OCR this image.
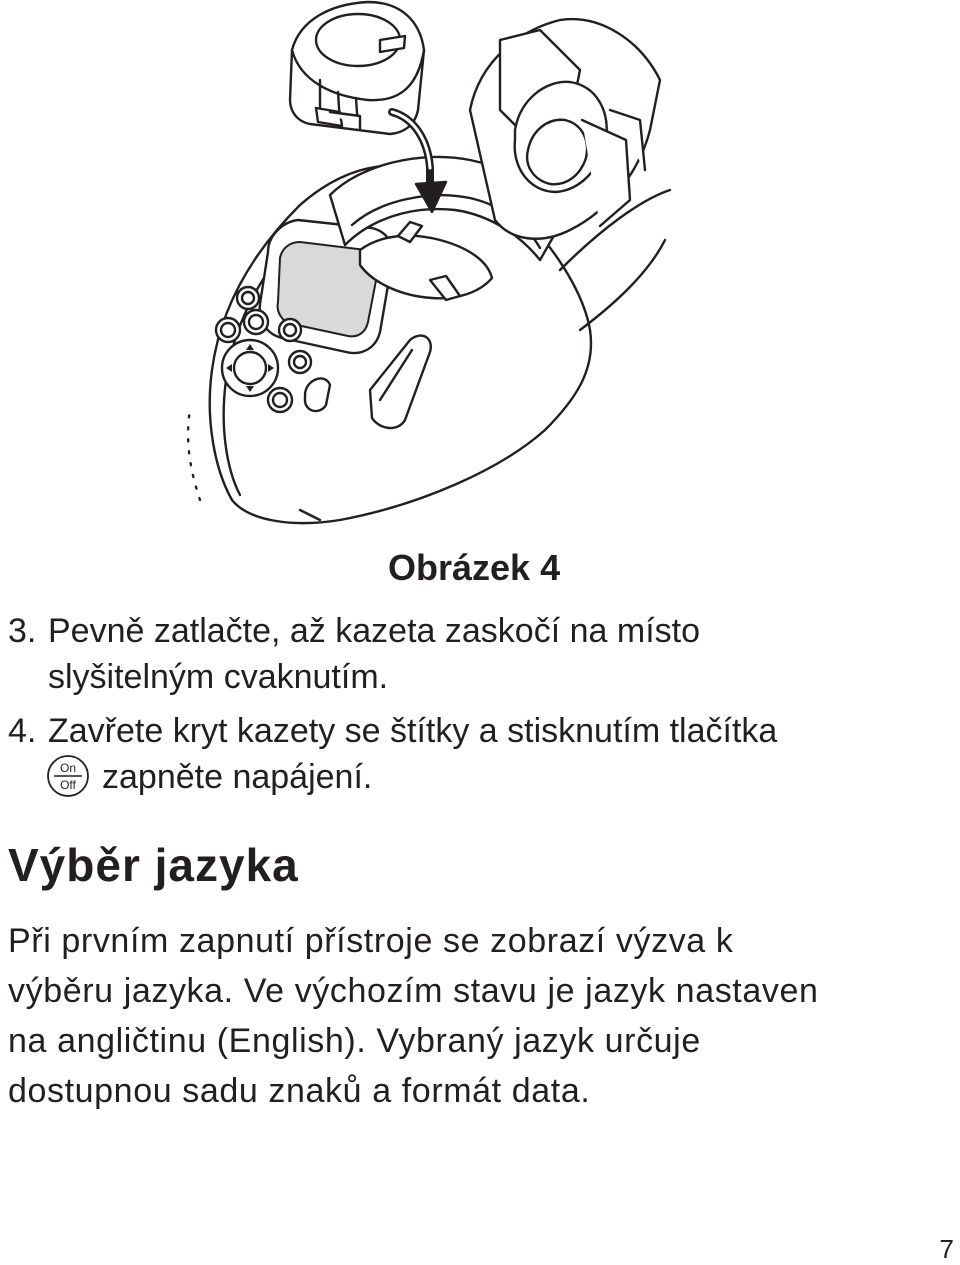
Obrázek 4
3. Pevně zatlačte, až kazeta zaskočí na místo
slyšitelným cvaknutím.
4. Zavřete kryt kazety se štítky a stisknutím tlačítka
On
Off zapněte napájení.
Výběr jazyka
Při prvním zapnutí přístroje se zobrazí výzva k
výběru jazyka. Ve výchozím stavu je jazyk nastaven
na angličtinu (English). Vybraný jazyk určuje
dostupnou sadu znaků a formát data.
7
